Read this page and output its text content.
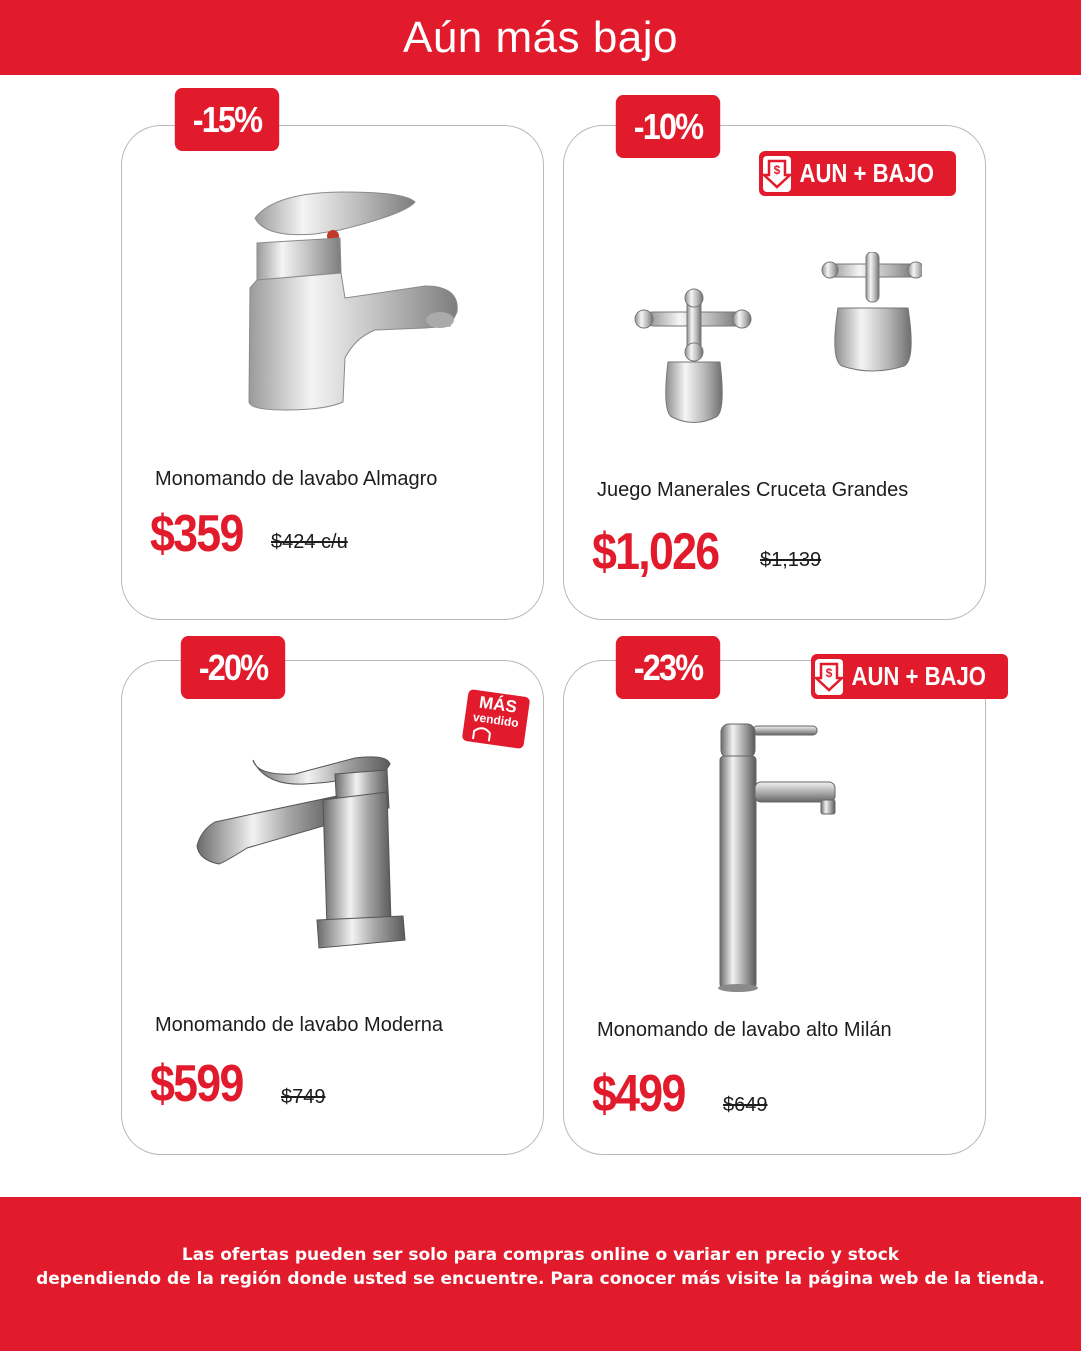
Aún más bajo
-15%
Monomando de lavabo Almagro
$359 $424 c/u
-10%
$ AUN + BAJO
Juego Manerales Cruceta Grandes
$1,026 $1,139
-20%
MÁS
vendido
Monomando de lavabo Moderna
$599 $749
-23%	$ AUN + BAJO
Monomando de lavabo alto Milán
$499 $649

Las ofertas pueden ser solo para compras online o variar en precio y stock

dependiendo de la región donde usted se encuentre. Para conocer más visite la página web de la tienda.
